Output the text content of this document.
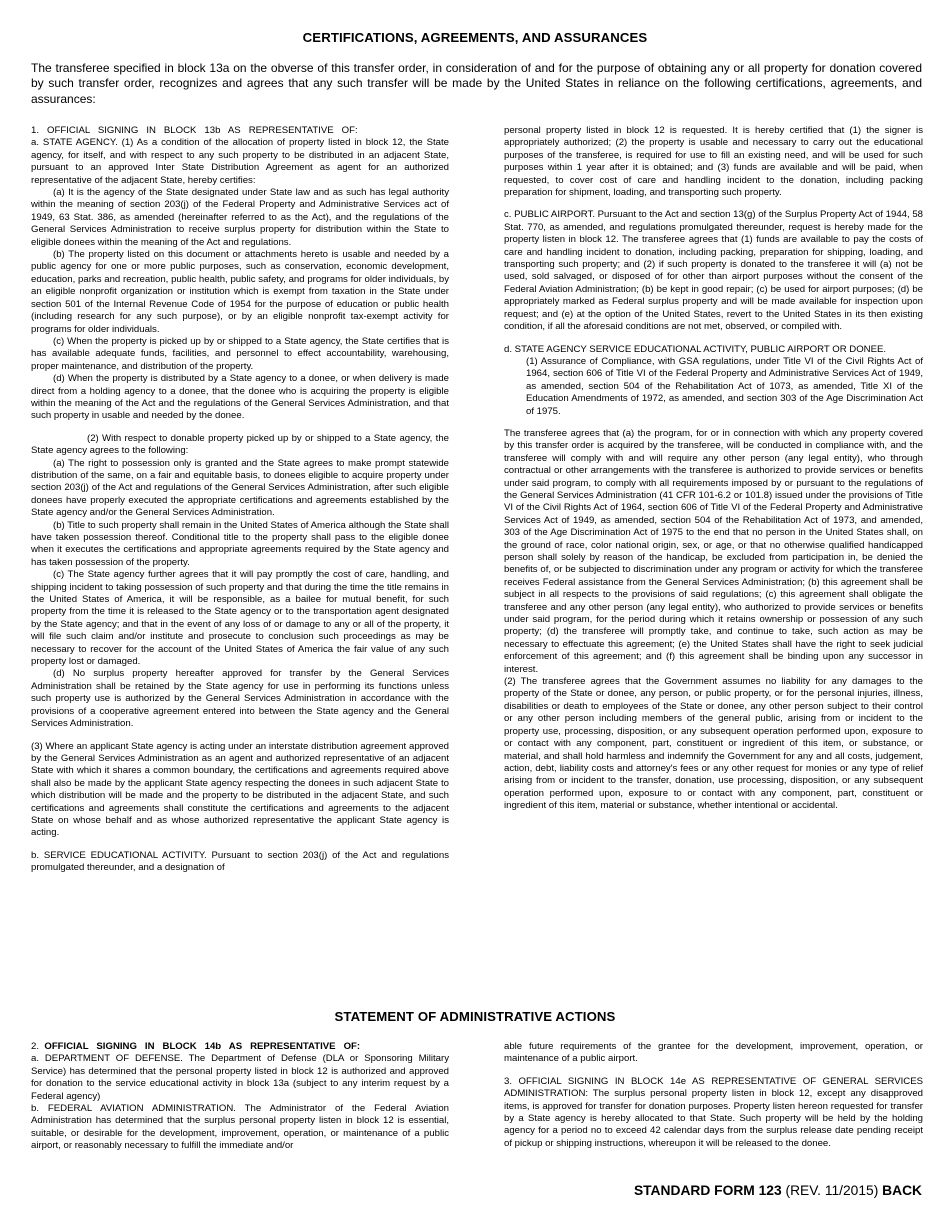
CERTIFICATIONS, AGREEMENTS, AND ASSURANCES
The transferee specified in block 13a on the obverse of this transfer order, in consideration of and for the purpose of obtaining any or all property for donation covered by such transfer order, recognizes and agrees that any such transfer will be made by the United States in reliance on the following certifications, agreements, and assurances:

1.   OFFICIAL   SIGNING   IN   BLOCK   13b   AS   REPRESENTATIVE   OF:

a. STATE AGENCY. (1) As a condition of the allocation of property listed in block 12, the State agency, for itself, and with respect to any such property to be distributed in an adjacent State, pursuant to an approved Inter State Distribution Agreement as agent for an authorized representative of the adjacent State, hereby certifies:

(a) It is the agency of the State designated under State law and as such has legal authority within the meaning of section 203(j) of the Federal Property and Administrative Services act of 1949, 63 Stat. 386, as amended (hereinafter referred to as the Act), and the regulations of the General Services Administration to receive surplus property for distribution within the State to eligible donees within the meaning of the Act and regulations.

(b) The property listed on this document or attachments hereto is usable and needed by a public agency for one or more public purposes, such as conservation, economic development, education, parks and recreation, public health, public safety, and programs for older individuals, by an eligible nonprofit organization or institution which is exempt from taxation in the State under section 501 of the Internal Revenue Code of 1954 for the purpose of education or public health (including research for any such purpose), or by an eligible nonprofit tax-exempt activity for programs for older individuals.

(c) When the property is picked up by or shipped to a State agency, the State certifies that is has available adequate funds, facilities, and personnel to effect accountability, warehousing, proper maintenance, and distribution of the property.

(d) When the property is distributed by a State agency to a donee, or when delivery is made direct from a holding agency to a donee, that the donee who is acquiring the property is eligible within the meaning of the Act and the regulations of the General Services Administration, and that such property in usable and needed by the donee.

(2) With respect to donable property picked up by or shipped to a State agency, the State agency agrees to the following:

(a) The right to possession only is granted and the State agrees to make prompt statewide distribution of the same, on a fair and equitable basis, to donees eligible to acquire property under section 203(j) of the Act and regulations of the General Services Administration, after such eligible donees have properly executed the appropriate certifications and agreements established by the State agency and/or the General Services Administration.

(b) Title to such property shall remain in the United States of America although the State shall have taken possession thereof. Conditional title to the property shall pass to the eligible donee when it executes the certifications and appropriate agreements required by the State agency and has taken possession of the property.

(c) The State agency further agrees that it will pay promptly the cost of care, handling, and shipping incident to taking possession of such property and that during the time the title remains in the United States of America, it will be responsible, as a bailee for mutual benefit, for such property from the time it is released to the State agency or to the transportation agent designated by the State agency; and that in the event of any loss of or damage to any or all of the property, it will file such claim and/or institute and prosecute to conclusion such proceedings as may be necessary to recover for the account of the United States of America the fair value of any such property lost or damaged.

(d) No surplus property hereafter approved for transfer by the General Services Administration shall be retained by the State agency for use in performing its functions unless such property use is authorized by the General Services Administration in accordance with the provisions of a cooperative agreement entered into between the State agency and the General Services Administration.

(3) Where an applicant State agency is acting under an interstate distribution agreement approved by the General Services Administration as an agent and authorized representative of an adjacent State with which it shares a common boundary, the certifications and agreements required above shall also be made by the applicant State agency respecting the donees in such adjacent State to which distribution will be made and the property to be distributed in the adjacent State, and such certifications and agreements shall constitute the certifications and agreements to the adjacent State on whose behalf and as whose authorized representative the applicant State agency is acting.

b. SERVICE EDUCATIONAL ACTIVITY. Pursuant to section 203(j) of the Act and regulations promulgated thereunder, and a designation of

personal property listed in block 12 is requested. It is hereby certified that (1) the signer is appropriately authorized; (2) the property is usable and necessary to carry out the educational purposes of the transferee, is required for use to fill an existing need, and will be used for such purposes within 1 year after it is obtained; and (3) funds are available and will be paid, when requested, to cover cost of care and handling incident to the donation, including packing preparation for shipment, loading, and transporting such property.

c. PUBLIC AIRPORT. Pursuant to the Act and section 13(g) of the Surplus Property Act of 1944, 58 Stat. 770, as amended, and regulations promulgated thereunder, request is hereby made for the property listen in block 12. The transferee agrees that (1) funds are available to pay the costs of care and handling incident to donation, including packing, preparation for shipping, loading, and transporting such property; and (2) if such property is donated to the transferee it will (a) not be used, sold salvaged, or disposed of for other than airport purposes without the consent of the Federal Aviation Administration; (b) be kept in good repair; (c) be used for airport purposes; (d) be appropriately marked as Federal surplus property and will be made available for inspection upon request; and (e) at the option of the United States, revert to the United States in its then existing condition, if all the aforesaid conditions are not met, observed, or compiled with.

d. STATE AGENCY SERVICE EDUCATIONAL ACTIVITY, PUBLIC AIRPORT OR DONEE.

(1) Assurance of Compliance, with GSA regulations, under Title VI of the Civil Rights Act of 1964, section 606 of Title VI of the Federal Property and Administrative Services Act of 1949, as amended, section 504 of the Rehabilitation Act of 1073, as amended, Title XI of the Education Amendments of 1972, as amended, and section 303 of the Age Discrimination Act of 1975.

The transferee agrees that (a) the program, for or in connection with which any property covered by this transfer order is acquired by the transferee, will be conducted in compliance with, and the transferee will comply with and will require any other person (any legal entity), who through contractual or other arrangements with the transferee is authorized to provide services or benefits under said program, to comply with all requirements imposed by or pursuant to the regulations of the General Services Administration (41 CFR 101-6.2 or 101.8) issued under the provisions of Title VI of the Civil Rights Act of 1964, section 606 of Title VI of the Federal Property and Administrative Services Act of 1949, as amended, section 504 of the Rehabilitation Act of 1973, and amended, 303 of the Age Discrimination Act of 1975 to the end that no person in the United States shall, on the ground of race, color national origin, sex, or age, or that no otherwise qualified handicapped person shall solely by reason of the handicap, be excluded from participation in, be denied the benefits of, or be subjected to discrimination under any program or activity for which the transferee receives Federal assistance from the General Services Administration; (b) this agreement shall be subject in all respects to the provisions of said regulations; (c) this agreement shall obligate the transferee and any other person (any legal entity), who authorized to provide services or benefits under said program, for the period during which it retains ownership or possession of any such property; (d) the transferee will promptly take, and continue to take, such action as may be necessary to effectuate this agreement; (e) the United States shall have the right to seek judicial enforcement of this agreement; and (f) this agreement shall be binding upon any successor in interest.

(2) The transferee agrees that the Government assumes no liability for any damages to the property of the State or donee, any person, or public property, or for the personal injuries, illness, disabilities or death to employees of the State or donee, any other person subject to their control or any other person including members of the general public, arising from or incident to the property use, processing, disposition, or any subsequent operation performed upon, exposure to or contact with any component, part, constituent or ingredient of this item, or substance, or material, and shall hold harmless and indemnify the Government for any and all costs, judgement, action, debt, liability costs and attorney's fees or any other request for monies or any type of relief arising from or incident to the transfer, donation, use processing, disposition, or any subsequent operation performed upon, exposure to or contact with any component, part, constituent or ingredient of this item, material or substance, whether intentional or accidental.

STATEMENT OF ADMINISTRATIVE ACTIONS

2. OFFICIAL   SIGNING   IN   BLOCK   14b   AS   REPRESENTATIVE   OF:

a. DEPARTMENT OF DEFENSE. The Department of Defense (DLA or Sponsoring Military Service) has determined that the personal property listed in block 12 is authorized and approved for donation to the service educational activity in block 13a (subject to any interim request by a Federal agency)

b. FEDERAL AVIATION ADMINISTRATION. The Administrator of the Federal Aviation Administration has determined that the surplus personal property listen in block 12 is essential, suitable, or desirable for the development, improvement, operation, or maintenance of a public airport, or reasonably necessary to fulfill the immediate and/or

able future requirements of the grantee for the development, improvement, operation, or maintenance of a public airport.

3. OFFICIAL SIGNING IN BLOCK 14e AS REPRESENTATIVE OF GENERAL SERVICES ADMINISTRATION: The surplus personal property listen in block 12, except any disapproved items, is approved for transfer for donation purposes. Property listen hereon requested for transfer by a State agency is hereby allocated to that State. Such property will be held by the holding agency for a period no to exceed 42 calendar days from the surplus release date pending receipt of pickup or shipping instructions, whereupon it will be released to the donee.

STANDARD FORM 123 (REV. 11/2015) BACK
